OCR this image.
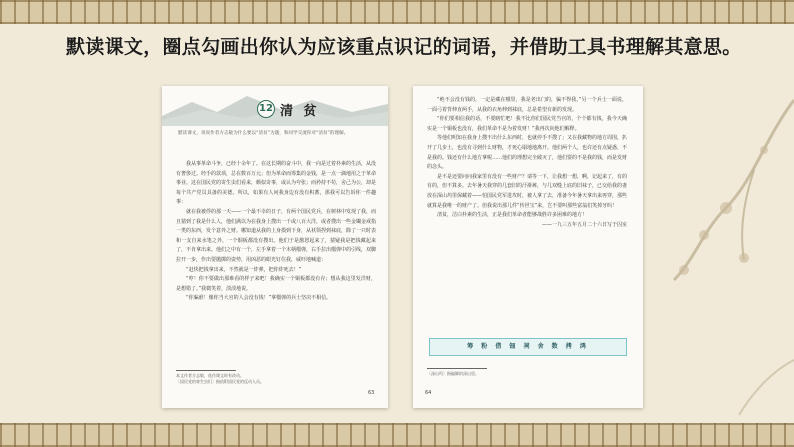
默读课文，圈点勾画出你认为应该重点识记的词语，并借助工具书理解其意思。
12 清 贫
默读课文，说说作者方志敏为什么要以“清贫”为题，和同学交流你对“清贫”的理解。

我从事革命斗争，已经十余年了。在这长期的奋斗中，我一向是过着朴素的生活，从没有奢侈过。经手的款项，总在数百万元；但为革命而筹集的金钱，是一点一滴地用之于革命事业。这在国民党的寄生虫们看来，颇似奇事，或认为夸张；而矜持不苟，舍己为公，却是每个共产党员具备的美德。所以，如果有人问我身边有没有积蓄，那我可以告诉你一件趣事：

就在我被俘的那一天——一个最不幸的日子，有两个国民党兵，在树林中发现了我，而且猜到了我是什么人，他们满以为在我身上搜出一千或八百大洋，或者搜出一些金镯金戒指一类的东西，发个意外之财。哪知道从我的上身摸到下身，从袄领捏到袜底，除了一只时表和一支自来水笔之外，一个铜板都没有搜出。他们于是激怒起来了，猜疑我是把钱藏起来了，不肯拿出来。他们之中有一个，左手拿着一个木柄榴弹，右手拉出榴弹中的引线，双脚拉开一步，作出要抛掷的姿势，用凶恶的眼光钉住我，威吓地喊道：

“赶快把钱拿出来，不然就是一炸弹，把你炸死去！”

“哼！你不要做出那难看的样子来吧！我确实一个铜板都没有存；想从我这里发洋财，是想错了。”我微笑着，淡淡地说。

“你骗谁！像你当大官的人会没有钱！”拿榴弹的兵士坚决不相信。

本文作者方志敏，选作课文时有改动。
〔国民党的寄生虫们〕指依附国民党的反动人员。
63

“绝不会没有钱的，一定是藏在哪里，我是老出门的，骗不得我。”另一个兵士一面说，一面弓着背伸直两手，从我的衣角伸到袜底，总是希望有新的发现。

“你们要相信我的话，不要瞎忙吧！我不比你们国民党当官的，个个都有钱，我今天确实是一个铜板也没有，我们革命不是为着发财！”我再次向他们解释。

等他们明知在我身上搜不出什么东西时，也就停手不搜了；又在我藏物的地方周围，扒开了几步土，也没有寻到什么财物，才死心塌地地离开。他们两个人，也许还有点疑惑，不是我的。钱还有什么地方拿呢……他们的理想完全破灭了，他们要的不是我的钱，而是发财的念头。

是不是还要问问我家里有没有一些财产？请等一下，让我想一想，啊，记起来了，有的有的，但不算多。去年暑天我穿的几套旧的汗褂裤，与几双缝上底的旧袜子，已交给我的妻放在深山坞里保藏着——怕国民党军进攻时，被人拿了去，准备今年暑天拿出来再穿，那些就算是我唯一的财产了。但我说出那几件“传世宝”来，岂不要叫那些富翁们笑掉牙吗！

清贫，洁白朴素的生活，正是我们革命者能够战胜许多困难的地方！

——一九三五年五月二十六日写于囚室

筹 粉 借 钿 祠 舍 数 拷 鸿
〔深山坞〕指偏僻的深山里。
64
